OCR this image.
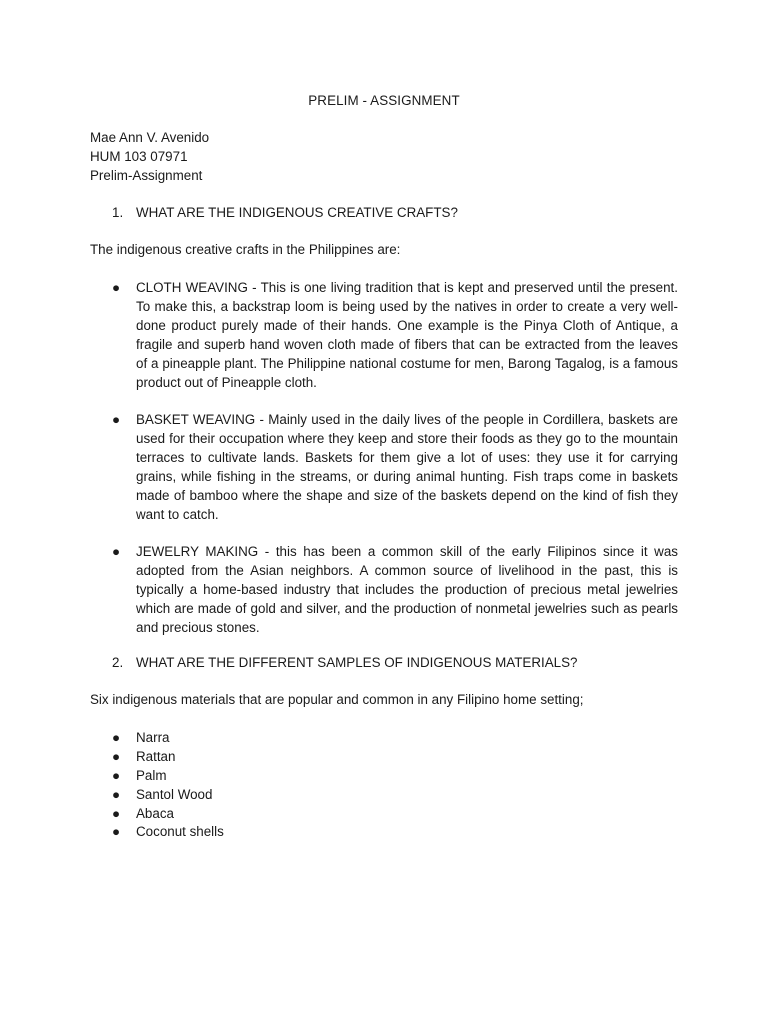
PRELIM - ASSIGNMENT
Mae Ann V. Avenido
HUM 103 07971
Prelim-Assignment
1. WHAT ARE THE INDIGENOUS CREATIVE CRAFTS?
The indigenous creative crafts in the Philippines are:
●	CLOTH WEAVING - This is one living tradition that is kept and preserved until the present. To make this, a backstrap loom is being used by the natives in order to create a very well-done product purely made of their hands. One example is the Pinya Cloth of Antique, a fragile and superb hand woven cloth made of fibers that can be extracted from the leaves of a pineapple plant. The Philippine national costume for men, Barong Tagalog, is a famous product out of Pineapple cloth.
●	BASKET WEAVING - Mainly used in the daily lives of the people in Cordillera, baskets are used for their occupation where they keep and store their foods as they go to the mountain terraces to cultivate lands. Baskets for them give a lot of uses: they use it for carrying grains, while fishing in the streams, or during animal hunting. Fish traps come in baskets made of bamboo where the shape and size of the baskets depend on the kind of fish they want to catch.
●	JEWELRY MAKING - this has been a common skill of the early Filipinos since it was adopted from the Asian neighbors. A common source of livelihood in the past, this is typically a home-based industry that includes the production of precious metal jewelries which are made of gold and silver, and the production of nonmetal jewelries such as pearls and precious stones.
2. WHAT ARE THE DIFFERENT SAMPLES OF INDIGENOUS MATERIALS?
Six indigenous materials that are popular and common in any Filipino home setting;
● Narra
● Rattan
● Palm
● Santol Wood
● Abaca
● Coconut shells
